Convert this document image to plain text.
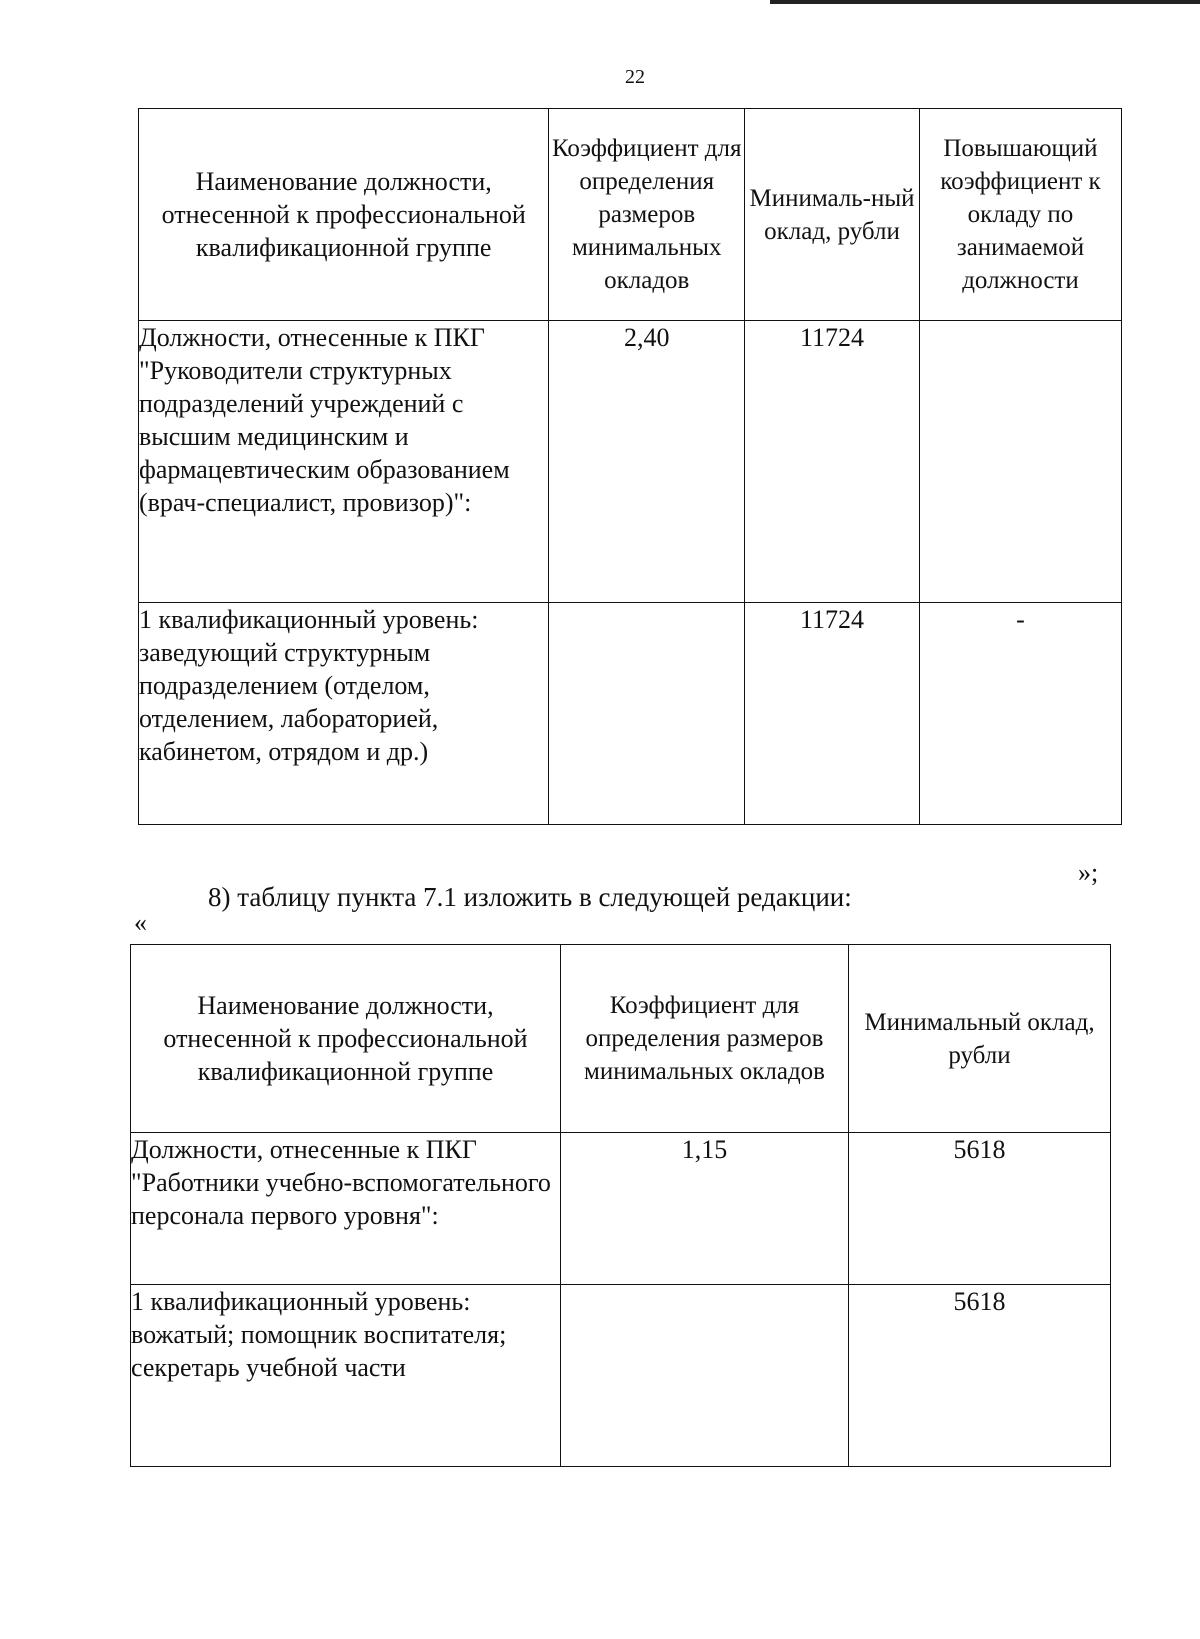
22
Наименование должности, отнесенной к профессиональной квалификационной группе	Коэффициент для определения размеров минимальных окладов	Минималь-ный оклад, рубли	Повышающий коэффициент к окладу по занимаемой должности
Должности, отнесенные к ПКГ "Руководители структурных подразделений учреждений с высшим медицинским и фармацевтическим образованием (врач-специалист, провизор)":	2,40	11724	
1 квалификационный уровень: заведующий структурным подразделением (отделом, отделением, лабораторией, кабинетом, отрядом и др.)		11724	-
»;
8) таблицу пункта 7.1 изложить в следующей редакции:
«
Наименование должности, отнесенной к профессиональной квалификационной группе	Коэффициент для определения размеров минимальных окладов	Минимальный оклад, рубли
Должности, отнесенные к ПКГ "Работники учебно-вспомогательного персонала первого уровня":	1,15	5618
1 квалификационный уровень: вожатый; помощник воспитателя; секретарь учебной части		5618
